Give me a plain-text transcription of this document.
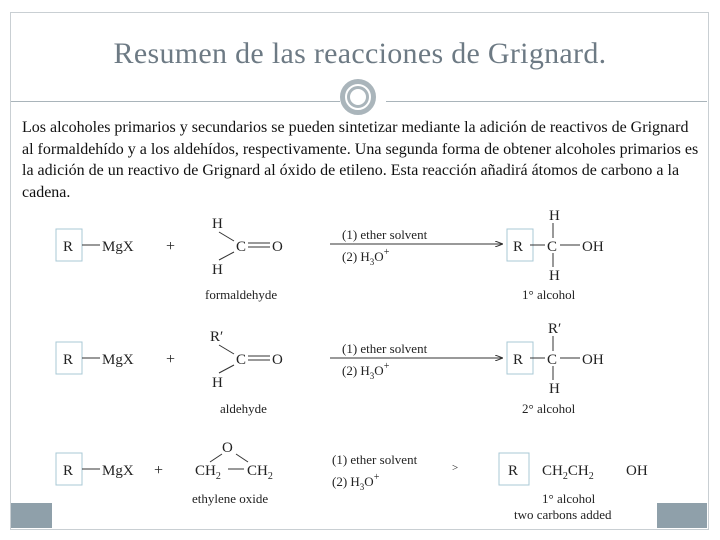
Resumen de las reacciones de Grignard.
Los alcoholes primarios y secundarios se pueden sintetizar mediante la adición de reactivos de Grignard al formaldehído y a los aldehídos, respectivamente. Una segunda forma de obtener alcoholes primarios es la adición de un reactivo de Grignard al óxido de etileno. Esta reacción añadirá átomos de carbono a la cadena.
R MgX +
H
C O
H
formaldehyde
(1) ether solvent
(2) $H_3O^+$	R C
H
OH
H
1° alcohol
R MgX +
R′
C O
H
aldehyde
(1) ether solvent
(2) $H_3O^+$	R C
R′
OH
H
2° alcohol
R MgX +
O
$CH_2$ $CH_2$
ethylene oxide
(1) ether solvent
(2) $H_3O^+$
>	R $CH_2CH_2$ OH
1° alcohol
two carbons added
